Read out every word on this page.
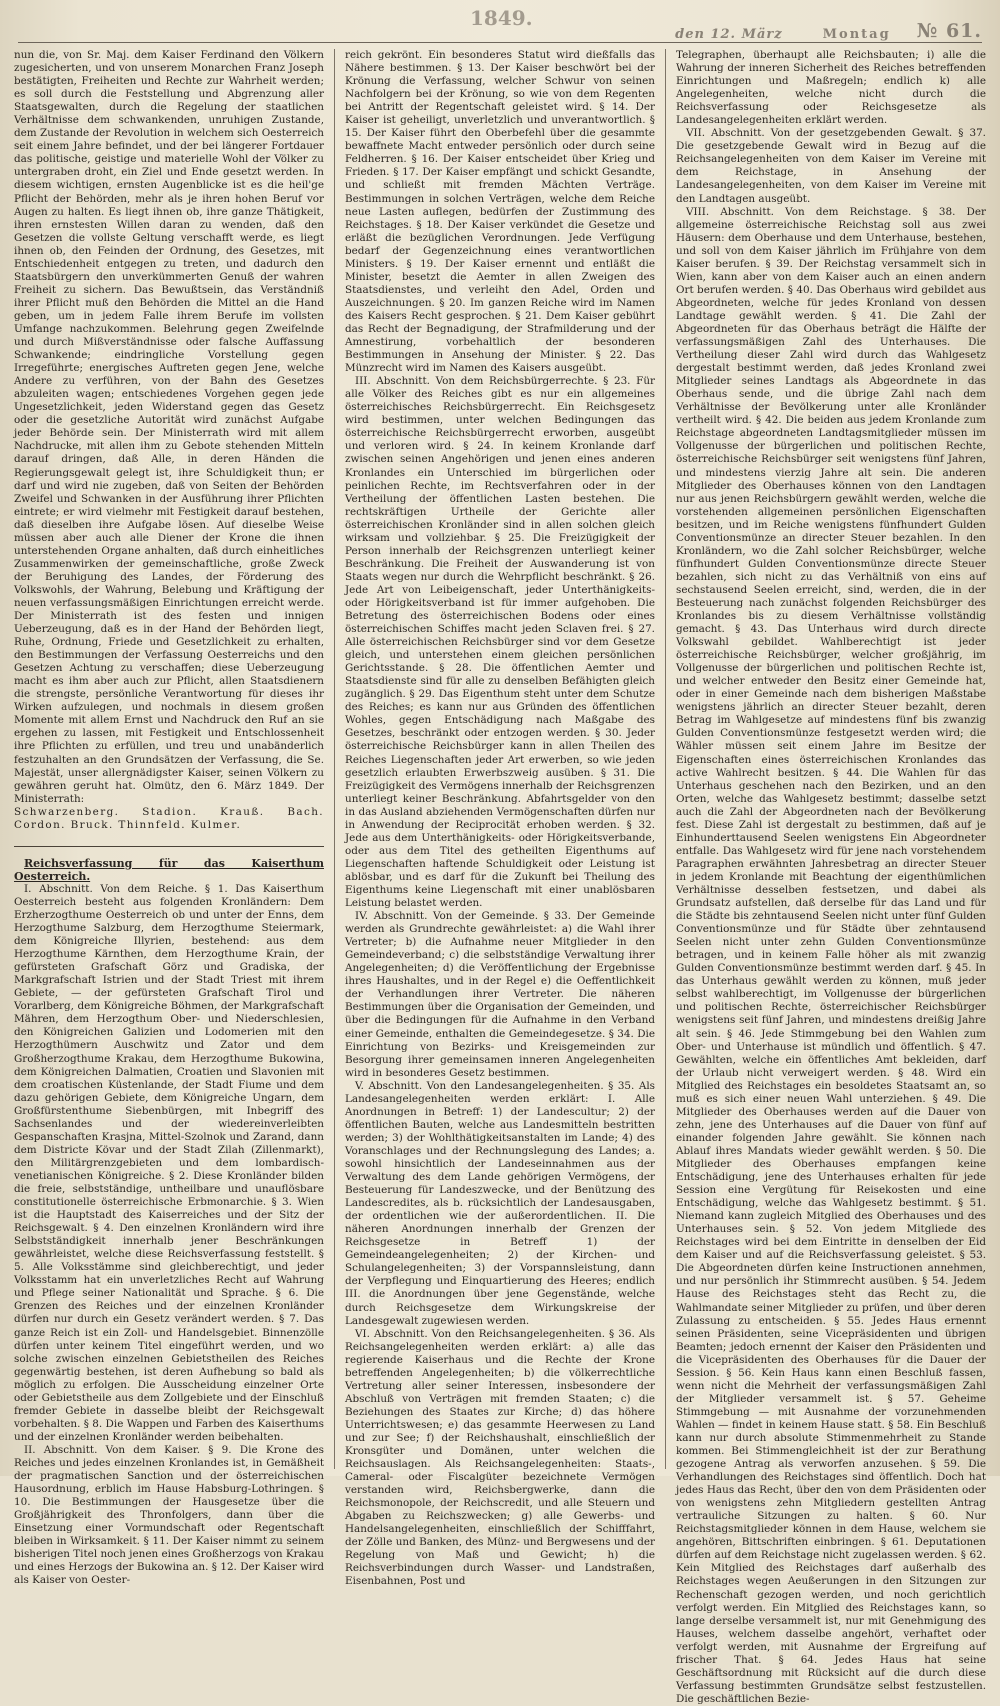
1849.
den 12. März	Montag № 61.

nun die, von Sr. Maj. dem Kaiser Ferdinand den Völkern zugesicherten, und von unserem Monarchen Franz Joseph bestätigten, Freiheiten und Rechte zur Wahrheit werden; es soll durch die Feststellung und Abgrenzung aller Staatsgewalten, durch die Regelung der staatlichen Verhältnisse dem schwankenden, unruhigen Zustande, dem Zustande der Revolution in welchem sich Oesterreich seit einem Jahre befindet, und der bei längerer Fortdauer das politische, geistige und materielle Wohl der Völker zu untergraben droht, ein Ziel und Ende gesetzt werden. In diesem wichtigen, ernsten Augenblicke ist es die heil'ge Pflicht der Behörden, mehr als je ihren hohen Beruf vor Augen zu halten. Es liegt ihnen ob, ihre ganze Thätigkeit, ihren ernstesten Willen daran zu wenden, daß den Gesetzen die vollste Geltung verschafft werde, es liegt ihnen ob, den Feinden der Ordnung, des Gesetzes, mit Entschiedenheit entgegen zu treten, und dadurch den Staatsbürgern den unverkümmerten Genuß der wahren Freiheit zu sichern. Das Bewußtsein, das Verständniß ihrer Pflicht muß den Behörden die Mittel an die Hand geben, um in jedem Falle ihrem Berufe im vollsten Umfange nachzukommen. Belehrung gegen Zweifelnde und durch Mißverständnisse oder falsche Auffassung Schwankende; eindringliche Vorstellung gegen Irregeführte; energisches Auftreten gegen Jene, welche Andere zu verführen, von der Bahn des Gesetzes abzuleiten wagen; entschiedenes Vorgehen gegen jede Ungesetzlichkeit, jeden Widerstand gegen das Gesetz oder die gesetzliche Autorität wird zunächst Aufgabe jeder Behörde sein. Der Ministerrath wird mit allem Nachdrucke, mit allen ihm zu Gebote stehenden Mitteln darauf dringen, daß Alle, in deren Händen die Regierungsgewalt gelegt ist, ihre Schuldigkeit thun; er darf und wird nie zugeben, daß von Seiten der Behörden Zweifel und Schwanken in der Ausführung ihrer Pflichten eintrete; er wird vielmehr mit Festigkeit darauf bestehen, daß dieselben ihre Aufgabe lösen. Auf dieselbe Weise müssen aber auch alle Diener der Krone die ihnen unterstehenden Organe anhalten, daß durch einheitliches Zusammenwirken der gemeinschaftliche, große Zweck der Beruhigung des Landes, der Förderung des Volkswohls, der Wahrung, Belebung und Kräftigung der neuen verfassungsmäßigen Einrichtungen erreicht werde. Der Ministerrath ist des festen und innigen Ueberzeugung, daß es in der Hand der Behörden liegt, Ruhe, Ordnung, Friede und Gesetzlichkeit zu erhalten, den Bestimmungen der Verfassung Oesterreichs und den Gesetzen Achtung zu verschaffen; diese Ueberzeugung macht es ihm aber auch zur Pflicht, allen Staatsdienern die strengste, persönliche Verantwortung für dieses ihr Wirken aufzulegen, und nochmals in diesem großen Momente mit allem Ernst und Nachdruck den Ruf an sie ergehen zu lassen, mit Festigkeit und Entschlossenheit ihre Pflichten zu erfüllen, und treu und unabänderlich festzuhalten an den Grundsätzen der Verfassung, die Se. Majestät, unser allergnädigster Kaiser, seinen Völkern zu gewähren geruht hat. Olmütz, den 6. März 1849. Der Ministerrath:

Schwarzenberg. Stadion. Krauß. Bach. Cordon. Bruck. Thinnfeld. Kulmer.

Reichsverfassung für das Kaiserthum Oesterreich.

I. Abschnitt. Von dem Reiche. § 1. Das Kaiserthum Oesterreich besteht aus folgenden Kronländern: Dem Erzherzogthume Oesterreich ob und unter der Enns, dem Herzogthume Salzburg, dem Herzogthume Steiermark, dem Königreiche Illyrien, bestehend: aus dem Herzogthume Kärnthen, dem Herzogthume Krain, der gefürsteten Grafschaft Görz und Gradiska, der Markgrafschaft Istrien und der Stadt Triest mit ihrem Gebiete, — der gefürsteten Grafschaft Tirol und Vorarlberg, dem Königreiche Böhmen, der Markgrafschaft Mähren, dem Herzogthum Ober- und Niederschlesien, den Königreichen Galizien und Lodomerien mit den Herzogthümern Auschwitz und Zator und dem Großherzogthume Krakau, dem Herzogthume Bukowina, dem Königreichen Dalmatien, Croatien und Slavonien mit dem croatischen Küstenlande, der Stadt Fiume und dem dazu gehörigen Gebiete, dem Königreiche Ungarn, dem Großfürstenthume Siebenbürgen, mit Inbegriff des Sachsenlandes und der wiedereinverleibten Gespanschaften Krasjna, Mittel-Szolnok und Zarand, dann dem Districte Kövar und der Stadt Zilah (Zillenmarkt), den Militärgrenzgebieten und dem lombardisch-venetianischen Königreiche. § 2. Diese Kronländer bilden die freie, selbstständige, untheilbare und unauflösbare constitutionelle österreichische Erbmonarchie. § 3. Wien ist die Hauptstadt des Kaiserreiches und der Sitz der Reichsgewalt. § 4. Den einzelnen Kronländern wird ihre Selbstständigkeit innerhalb jener Beschränkungen gewährleistet, welche diese Reichsverfassung feststellt. § 5. Alle Volksstämme sind gleichberechtigt, und jeder Volksstamm hat ein unverletzliches Recht auf Wahrung und Pflege seiner Nationalität und Sprache. § 6. Die Grenzen des Reiches und der einzelnen Kronländer dürfen nur durch ein Gesetz verändert werden. § 7. Das ganze Reich ist ein Zoll- und Handelsgebiet. Binnenzölle dürfen unter keinem Titel eingeführt werden, und wo solche zwischen einzelnen Gebietstheilen des Reiches gegenwärtig bestehen, ist deren Aufhebung so bald als möglich zu erfolgen. Die Ausscheidung einzelner Orte oder Gebietstheile aus dem Zollgebiete und der Einschluß fremder Gebiete in dasselbe bleibt der Reichsgewalt vorbehalten. § 8. Die Wappen und Farben des Kaiserthums und der einzelnen Kronländer werden beibehalten.

II. Abschnitt. Von dem Kaiser. § 9. Die Krone des Reiches und jedes einzelnen Kronlandes ist, in Gemäßheit der pragmatischen Sanction und der österreichischen Hausordnung, erblich im Hause Habsburg-Lothringen. § 10. Die Bestimmungen der Hausgesetze über die Großjährigkeit des Thronfolgers, dann über die Einsetzung einer Vormundschaft oder Regentschaft bleiben in Wirksamkeit. § 11. Der Kaiser nimmt zu seinem bisherigen Titel noch jenen eines Großherzogs von Krakau und eines Herzogs der Bukowina an. § 12. Der Kaiser wird als Kaiser von Oester-

reich gekrönt. Ein besonderes Statut wird dießfalls das Nähere bestimmen. § 13. Der Kaiser beschwört bei der Krönung die Verfassung, welcher Schwur von seinen Nachfolgern bei der Krönung, so wie von dem Regenten bei Antritt der Regentschaft geleistet wird. § 14. Der Kaiser ist geheiligt, unverletzlich und unverantwortlich. § 15. Der Kaiser führt den Oberbefehl über die gesammte bewaffnete Macht entweder persönlich oder durch seine Feldherren. § 16. Der Kaiser entscheidet über Krieg und Frieden. § 17. Der Kaiser empfängt und schickt Gesandte, und schließt mit fremden Mächten Verträge. Bestimmungen in solchen Verträgen, welche dem Reiche neue Lasten auflegen, bedürfen der Zustimmung des Reichstages. § 18. Der Kaiser verkündet die Gesetze und erläßt die bezüglichen Verordnungen. Jede Verfügung bedarf der Gegenzeichnung eines verantwortlichen Ministers. § 19. Der Kaiser ernennt und entläßt die Minister, besetzt die Aemter in allen Zweigen des Staatsdienstes, und verleiht den Adel, Orden und Auszeichnungen. § 20. Im ganzen Reiche wird im Namen des Kaisers Recht gesprochen. § 21. Dem Kaiser gebührt das Recht der Begnadigung, der Strafmilderung und der Amnestirung, vorbehaltlich der besonderen Bestimmungen in Ansehung der Minister. § 22. Das Münzrecht wird im Namen des Kaisers ausgeübt.

III. Abschnitt. Von dem Reichsbürgerrechte. § 23. Für alle Völker des Reiches gibt es nur ein allgemeines österreichisches Reichsbürgerrecht. Ein Reichsgesetz wird bestimmen, unter welchen Bedingungen das österreichische Reichsbürgerrecht erworben, ausgeübt und verloren wird. § 24. In keinem Kronlande darf zwischen seinen Angehörigen und jenen eines anderen Kronlandes ein Unterschied im bürgerlichen oder peinlichen Rechte, im Rechtsverfahren oder in der Vertheilung der öffentlichen Lasten bestehen. Die rechtskräftigen Urtheile der Gerichte aller österreichischen Kronländer sind in allen solchen gleich wirksam und vollziehbar. § 25. Die Freizügigkeit der Person innerhalb der Reichsgrenzen unterliegt keiner Beschränkung. Die Freiheit der Auswanderung ist von Staats wegen nur durch die Wehrpflicht beschränkt. § 26. Jede Art von Leibeigenschaft, jeder Unterthänigkeits- oder Hörigkeitsverband ist für immer aufgehoben. Die Betretung des österreichischen Bodens oder eines österreichischen Schiffes macht jeden Sclaven frei. § 27. Alle österreichischen Reichsbürger sind vor dem Gesetze gleich, und unterstehen einem gleichen persönlichen Gerichtsstande. § 28. Die öffentlichen Aemter und Staatsdienste sind für alle zu denselben Befähigten gleich zugänglich. § 29. Das Eigenthum steht unter dem Schutze des Reiches; es kann nur aus Gründen des öffentlichen Wohles, gegen Entschädigung nach Maßgabe des Gesetzes, beschränkt oder entzogen werden. § 30. Jeder österreichische Reichsbürger kann in allen Theilen des Reiches Liegenschaften jeder Art erwerben, so wie jeden gesetzlich erlaubten Erwerbszweig ausüben. § 31. Die Freizügigkeit des Vermögens innerhalb der Reichsgrenzen unterliegt keiner Beschränkung. Abfahrtsgelder von den in das Ausland abziehenden Vermögenschaften dürfen nur in Anwendung der Reciprocität erhoben werden. § 32. Jede aus dem Unterthänigkeits- oder Hörigkeitsverbande, oder aus dem Titel des getheilten Eigenthums auf Liegenschaften haftende Schuldigkeit oder Leistung ist ablösbar, und es darf für die Zukunft bei Theilung des Eigenthums keine Liegenschaft mit einer unablösbaren Leistung belastet werden.

IV. Abschnitt. Von der Gemeinde. § 33. Der Gemeinde werden als Grundrechte gewährleistet: a) die Wahl ihrer Vertreter; b) die Aufnahme neuer Mitglieder in den Gemeindeverband; c) die selbstständige Verwaltung ihrer Angelegenheiten; d) die Veröffentlichung der Ergebnisse ihres Haushaltes, und in der Regel e) die Oeffentlichkeit der Verhandlungen ihrer Vertreter. Die näheren Bestimmungen über die Organisation der Gemeinden, und über die Bedingungen für die Aufnahme in den Verband einer Gemeinde, enthalten die Gemeindegesetze. § 34. Die Einrichtung von Bezirks- und Kreisgemeinden zur Besorgung ihrer gemeinsamen inneren Angelegenheiten wird in besonderes Gesetz bestimmen.

V. Abschnitt. Von den Landesangelegenheiten. § 35. Als Landesangelegenheiten werden erklärt: I. Alle Anordnungen in Betreff: 1) der Landescultur; 2) der öffentlichen Bauten, welche aus Landesmitteln bestritten werden; 3) der Wohlthätigkeitsanstalten im Lande; 4) des Voranschlages und der Rechnungslegung des Landes; a. sowohl hinsichtlich der Landeseinnahmen aus der Verwaltung des dem Lande gehörigen Vermögens, der Besteuerung für Landeszwecke, und der Benützung des Landescredites, als b. rücksichtlich der Landesausgaben, der ordentlichen wie der außerordentlichen. II. Die näheren Anordnungen innerhalb der Grenzen der Reichsgesetze in Betreff 1) der Gemeindeangelegenheiten; 2) der Kirchen- und Schulangelegenheiten; 3) der Vorspannsleistung, dann der Verpflegung und Einquartierung des Heeres; endlich III. die Anordnungen über jene Gegenstände, welche durch Reichsgesetze dem Wirkungskreise der Landesgewalt zugewiesen werden.

VI. Abschnitt. Von den Reichsangelegenheiten. § 36. Als Reichsangelegenheiten werden erklärt: a) alle das regierende Kaiserhaus und die Rechte der Krone betreffenden Angelegenheiten; b) die völkerrechtliche Vertretung aller seiner Interessen, insbesondere der Abschluß von Verträgen mit fremden Staaten; c) die Beziehungen des Staates zur Kirche; d) das höhere Unterrichtswesen; e) das gesammte Heerwesen zu Land und zur See; f) der Reichshaushalt, einschließlich der Kronsgüter und Domänen, unter welchen die Reichsauslagen. Als Reichsangelegenheiten: Staats-, Cameral- oder Fiscalgüter bezeichnete Vermögen verstanden wird, Reichsbergwerke, dann die Reichsmonopole, der Reichscredit, und alle Steuern und Abgaben zu Reichszwecken; g) alle Gewerbs- und Handelsangelegenheiten, einschließlich der Schifffahrt, der Zölle und Banken, des Münz- und Bergwesens und der Regelung von Maß und Gewicht; h) die Reichsverbindungen durch Wasser- und Landstraßen, Eisenbahnen, Post und

Telegraphen, überhaupt alle Reichsbauten; i) alle die Wahrung der inneren Sicherheit des Reiches betreffenden Einrichtungen und Maßregeln; endlich k) alle Angelegenheiten, welche nicht durch die Reichsverfassung oder Reichsgesetze als Landesangelegenheiten erklärt werden.

VII. Abschnitt. Von der gesetzgebenden Gewalt. § 37. Die gesetzgebende Gewalt wird in Bezug auf die Reichsangelegenheiten von dem Kaiser im Vereine mit dem Reichstage, in Ansehung der Landesangelegenheiten, von dem Kaiser im Vereine mit den Landtagen ausgeübt.

VIII. Abschnitt. Von dem Reichstage. § 38. Der allgemeine österreichische Reichstag soll aus zwei Häusern: dem Oberhause und dem Unterhause, bestehen, und soll von dem Kaiser jährlich im Frühjahre von dem Kaiser berufen. § 39. Der Reichstag versammelt sich in Wien, kann aber von dem Kaiser auch an einen andern Ort berufen werden. § 40. Das Oberhaus wird gebildet aus Abgeordneten, welche für jedes Kronland von dessen Landtage gewählt werden. § 41. Die Zahl der Abgeordneten für das Oberhaus beträgt die Hälfte der verfassungsmäßigen Zahl des Unterhauses. Die Vertheilung dieser Zahl wird durch das Wahlgesetz dergestalt bestimmt werden, daß jedes Kronland zwei Mitglieder seines Landtags als Abgeordnete in das Oberhaus sende, und die übrige Zahl nach dem Verhältnisse der Bevölkerung unter alle Kronländer vertheilt wird. § 42. Die beiden aus jedem Kronlande zum Reichstage abgeordneten Landtagsmitglieder müssen im Vollgenusse der bürgerlichen und politischen Rechte, österreichische Reichsbürger seit wenigstens fünf Jahren, und mindestens vierzig Jahre alt sein. Die anderen Mitglieder des Oberhauses können von den Landtagen nur aus jenen Reichsbürgern gewählt werden, welche die vorstehenden allgemeinen persönlichen Eigenschaften besitzen, und im Reiche wenigstens fünfhundert Gulden Conventionsmünze an directer Steuer bezahlen. In den Kronländern, wo die Zahl solcher Reichsbürger, welche fünfhundert Gulden Conventionsmünze directe Steuer bezahlen, sich nicht zu das Verhältniß von eins auf sechstausend Seelen erreicht, sind, werden, die in der Besteuerung nach zunächst folgenden Reichsbürger des Kronlandes bis zu diesem Verhältnisse vollständig gemacht. § 43. Das Unterhaus wird durch directe Volkswahl gebildet. Wahlberechtigt ist jeder österreichische Reichsbürger, welcher großjährig, im Vollgenusse der bürgerlichen und politischen Rechte ist, und welcher entweder den Besitz einer Gemeinde hat, oder in einer Gemeinde nach dem bisherigen Maßstabe wenigstens jährlich an directer Steuer bezahlt, deren Betrag im Wahlgesetze auf mindestens fünf bis zwanzig Gulden Conventionsmünze festgesetzt werden wird; die Wähler müssen seit einem Jahre im Besitze der Eigenschaften eines österreichischen Kronlandes das active Wahlrecht besitzen. § 44. Die Wahlen für das Unterhaus geschehen nach den Bezirken, und an den Orten, welche das Wahlgesetz bestimmt; dasselbe setzt auch die Zahl der Abgeordneten nach der Bevölkerung fest. Diese Zahl ist dergestalt zu bestimmen, daß auf je Einhunderttausend Seelen wenigstens Ein Abgeordneter entfalle. Das Wahlgesetz wird für jene nach vorstehendem Paragraphen erwähnten Jahresbetrag an directer Steuer in jedem Kronlande mit Beachtung der eigenthümlichen Verhältnisse desselben festsetzen, und dabei als Grundsatz aufstellen, daß derselbe für das Land und für die Städte bis zehntausend Seelen nicht unter fünf Gulden Conventionsmünze und für Städte über zehntausend Seelen nicht unter zehn Gulden Conventionsmünze betragen, und in keinem Falle höher als mit zwanzig Gulden Conventionsmünze bestimmt werden darf. § 45. In das Unterhaus gewählt werden zu können, muß jeder selbst wahlberechtigt, im Vollgenusse der bürgerlichen und politischen Rechte, österreichischer Reichsbürger wenigstens seit fünf Jahren, und mindestens dreißig Jahre alt sein. § 46. Jede Stimmgebung bei den Wahlen zum Ober- und Unterhause ist mündlich und öffentlich. § 47. Gewählten, welche ein öffentliches Amt bekleiden, darf der Urlaub nicht verweigert werden. § 48. Wird ein Mitglied des Reichstages ein besoldetes Staatsamt an, so muß es sich einer neuen Wahl unterziehen. § 49. Die Mitglieder des Oberhauses werden auf die Dauer von zehn, jene des Unterhauses auf die Dauer von fünf auf einander folgenden Jahre gewählt. Sie können nach Ablauf ihres Mandats wieder gewählt werden. § 50. Die Mitglieder des Oberhauses empfangen keine Entschädigung, jene des Unterhauses erhalten für jede Session eine Vergütung für Reisekosten und eine Entschädigung, welche das Wahlgesetz bestimmt. § 51. Niemand kann zugleich Mitglied des Oberhauses und des Unterhauses sein. § 52. Von jedem Mitgliede des Reichstages wird bei dem Eintritte in denselben der Eid dem Kaiser und auf die Reichsverfassung geleistet. § 53. Die Abgeordneten dürfen keine Instructionen annehmen, und nur persönlich ihr Stimmrecht ausüben. § 54. Jedem Hause des Reichstages steht das Recht zu, die Wahlmandate seiner Mitglieder zu prüfen, und über deren Zulassung zu entscheiden. § 55. Jedes Haus ernennt seinen Präsidenten, seine Vicepräsidenten und übrigen Beamten; jedoch ernennt der Kaiser den Präsidenten und die Vicepräsidenten des Oberhauses für die Dauer der Session. § 56. Kein Haus kann einen Beschluß fassen, wenn nicht die Mehrheit der verfassungsmäßigen Zahl der Mitglieder versammelt ist. § 57. Geheime Stimmgebung — mit Ausnahme der vorzunehmenden Wahlen — findet in keinem Hause statt. § 58. Ein Beschluß kann nur durch absolute Stimmenmehrheit zu Stande kommen. Bei Stimmengleichheit ist der zur Berathung gezogene Antrag als verworfen anzusehen. § 59. Die Verhandlungen des Reichstages sind öffentlich. Doch hat jedes Haus das Recht, über den von dem Präsidenten oder von wenigstens zehn Mitgliedern gestellten Antrag vertrauliche Sitzungen zu halten. § 60. Nur Reichstagsmitglieder können in dem Hause, welchem sie angehören, Bittschriften einbringen. § 61. Deputationen dürfen auf dem Reichstage nicht zugelassen werden. § 62. Kein Mitglied des Reichstages darf außerhalb des Reichstages wegen Aeußerungen in den Sitzungen zur Rechenschaft gezogen werden, und noch gerichtlich verfolgt werden. Ein Mitglied des Reichstages kann, so lange derselbe versammelt ist, nur mit Genehmigung des Hauses, welchem dasselbe angehört, verhaftet oder verfolgt werden, mit Ausnahme der Ergreifung auf frischer That. § 64. Jedes Haus hat seine Geschäftsordnung mit Rücksicht auf die durch diese Verfassung bestimmten Grundsätze selbst festzustellen. Die geschäftlichen Bezie-
